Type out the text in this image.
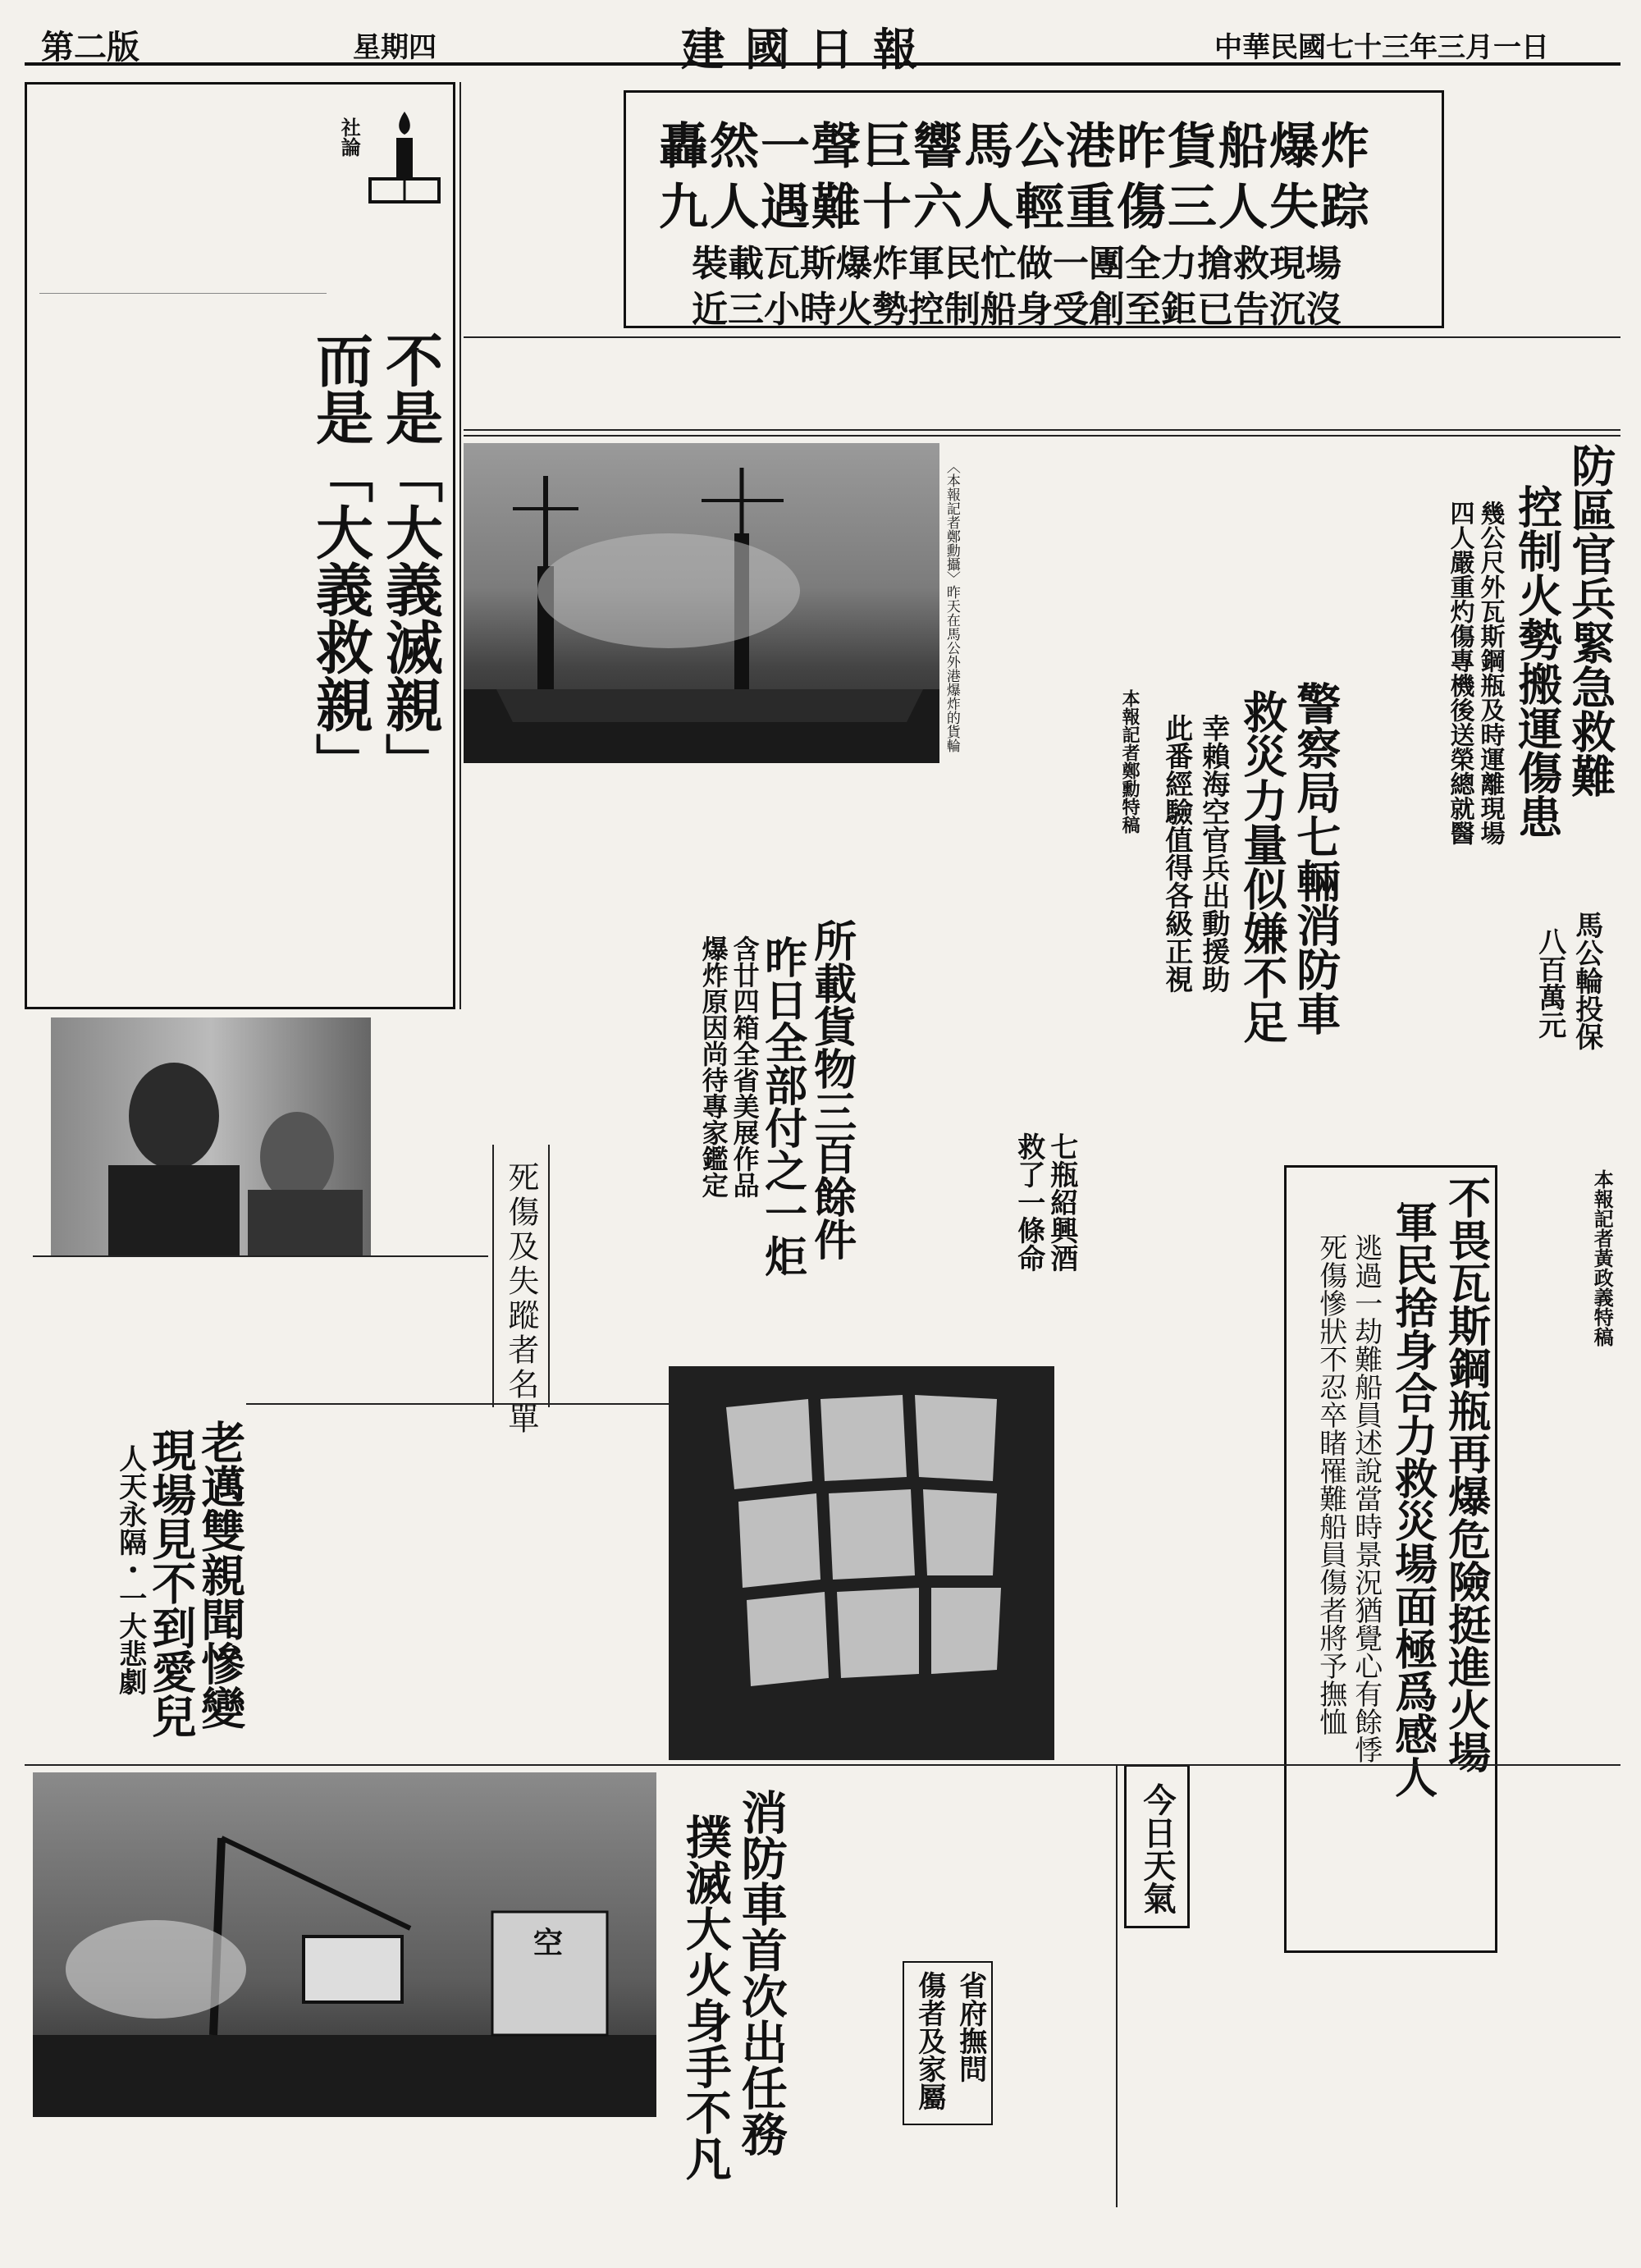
第二版	星期四	建國日報	中華民國七十三年三月一日
社論
不是「大義滅親」
而是「大義救親」
轟然一聲巨響馬公港昨貨船爆炸
九人遇難十六人輕重傷三人失踪
裝載瓦斯爆炸軍民忙做一團全力搶救現場
近三小時火勢控制船身受創至鉅已告沉沒
〈本報記者鄭勳攝〉昨天在馬公外港爆炸的貨輪	防區官兵緊急救難
控制火勢搬運傷患
幾公尺外瓦斯鋼瓶及時運離現場
四人嚴重灼傷專機後送榮總就醫
警察局七輛消防車
救災力量似嫌不足
幸賴海空官兵出動援助
此番經驗值得各級正視
本報記者鄭勳特稿
馬公輪投保
八百萬元
所載貨物三百餘件
昨日全部付之一炬
含廿四箱全省美展作品
爆炸原因尚待專家鑑定
七瓶紹興酒
救了一條命
死傷及失蹤者名單
老邁雙親聞慘變
現場見不到愛兒
人天永隔・一大悲劇	不畏瓦斯鋼瓶再爆危險挺進火場
軍民捨身合力救災場面極爲感人
逃過一劫難船員述說當時景況猶覺心有餘悸
死傷慘狀不忍卒睹罹難船員傷者將予撫恤	本報記者黃政義特稿
空	消防車首次出任務
撲滅大火身手不凡	今日天氣
省府撫問
傷者及家屬
